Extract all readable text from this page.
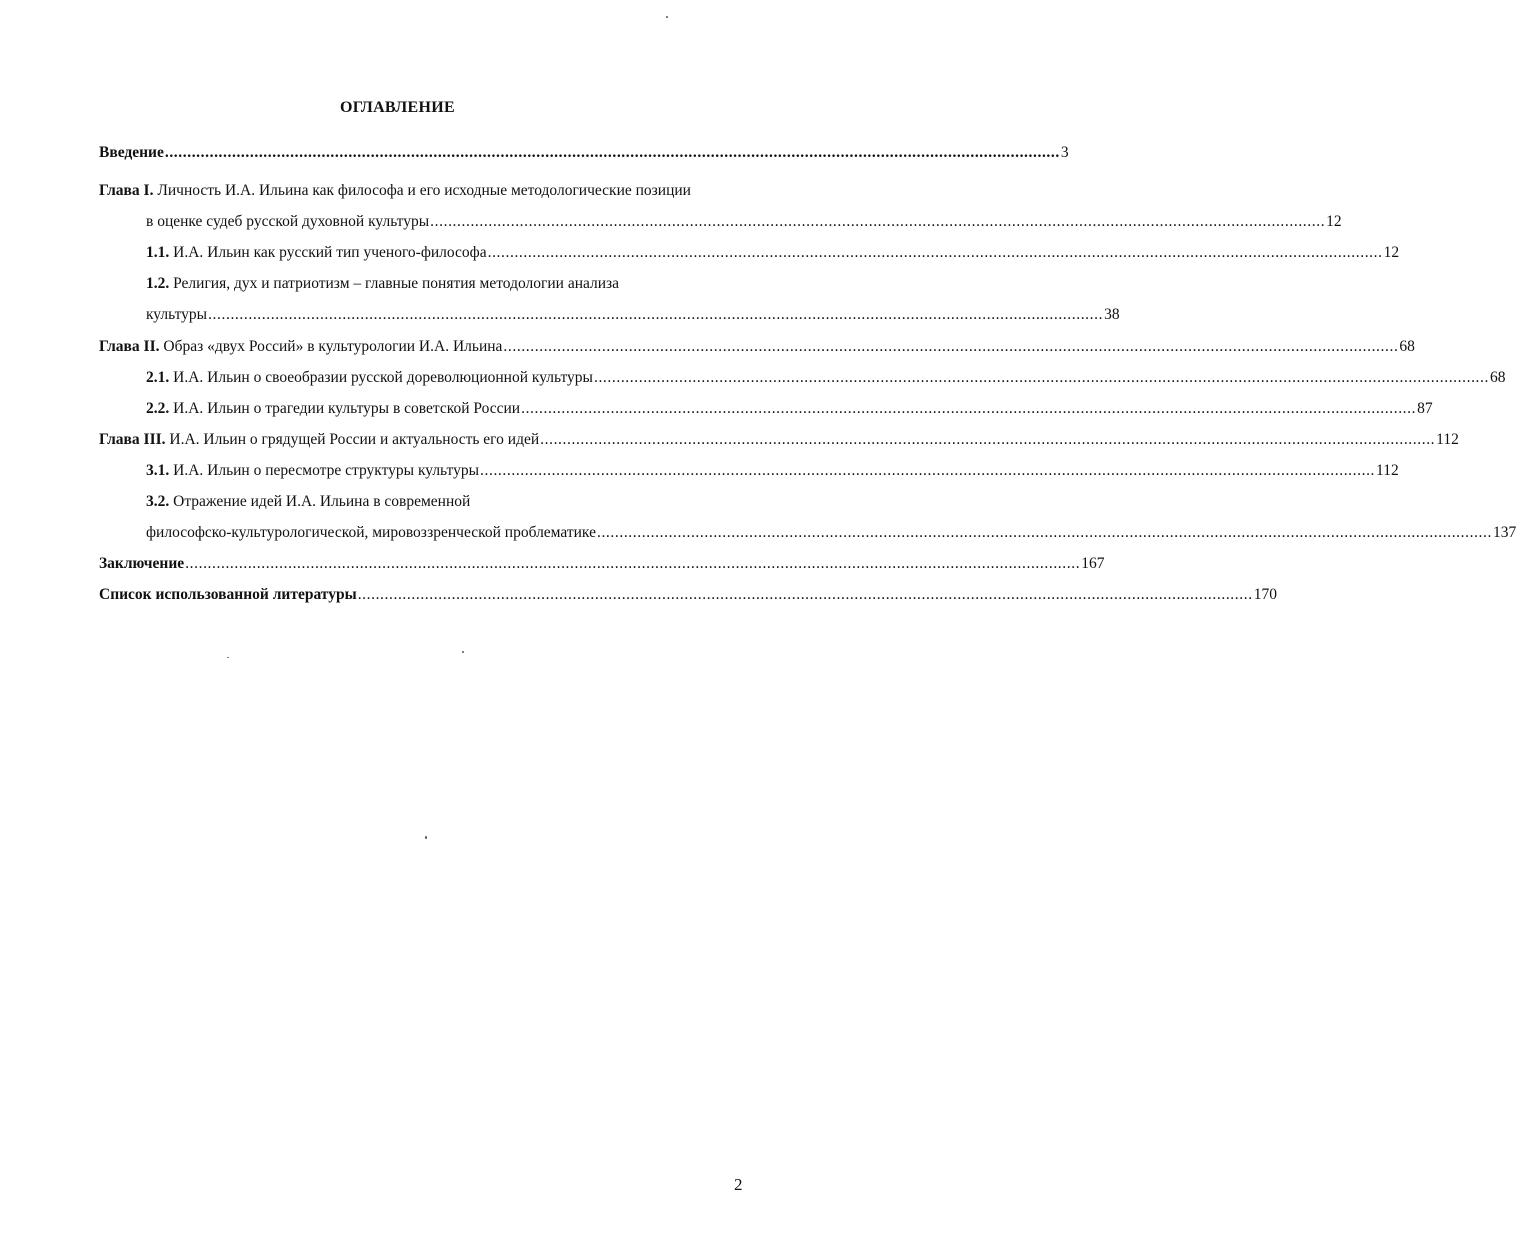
ОГЛАВЛЕНИЕ
Введение ........................................................................................................................................................................................................ 3
Глава I. Личность И.А. Ильина как философа и его исходные методологические позиции
в оценке судеб русской духовной культуры ........................................................................................................................................................................................................ 12
1.1. И.А. Ильин как русский тип ученого-философа ........................................................................................................................................................................................................ 12
1.2. Религия, дух и патриотизм – главные понятия методологии анализа
культуры ........................................................................................................................................................................................................ 38
Глава II. Образ «двух Россий» в культурологии И.А. Ильина ........................................................................................................................................................................................................ 68
2.1. И.А. Ильин о своеобразии русской дореволюционной культуры ........................................................................................................................................................................................................ 68
2.2. И.А. Ильин о трагедии культуры в советской России ........................................................................................................................................................................................................ 87
Глава III. И.А. Ильин о грядущей России и актуальность его идей ........................................................................................................................................................................................................ 112
3.1. И.А. Ильин о пересмотре структуры культуры ........................................................................................................................................................................................................ 112
3.2. Отражение идей И.А. Ильина в современной
философско-культурологической, мировоззренческой проблематике ........................................................................................................................................................................................................ 137
Заключение ........................................................................................................................................................................................................ 167
Список использованной литературы ........................................................................................................................................................................................................ 170
2
